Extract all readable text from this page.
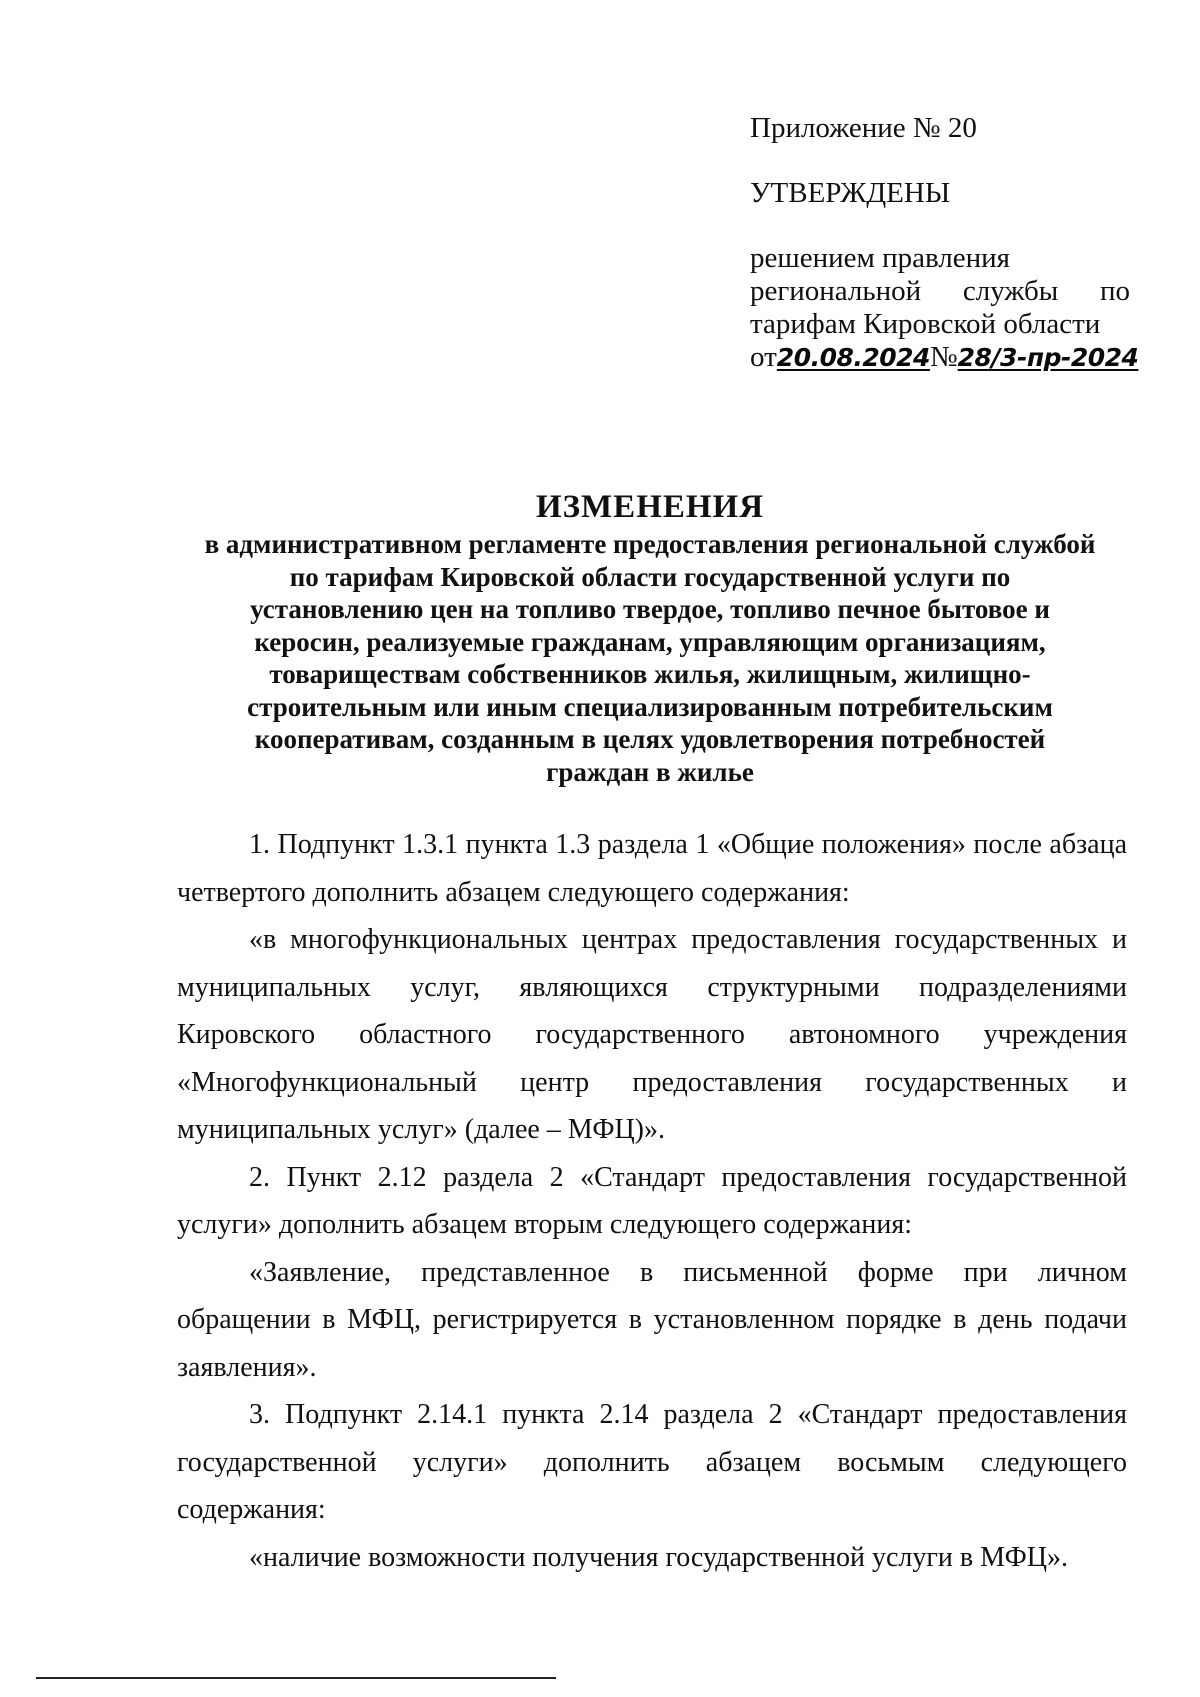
Приложение № 20
УТВЕРЖДЕНЫ
решением правления
региональной службы по
тарифам Кировской области
от20.08.2024№28/3-пр-2024
ИЗМЕНЕНИЯ
в административном регламенте предоставления региональной службой
по тарифам Кировской области государственной услуги по
установлению цен на топливо твердое, топливо печное бытовое и
керосин, реализуемые гражданам, управляющим организациям,
товариществам собственников жилья, жилищным, жилищно-
строительным или иным специализированным потребительским
кооперативам, созданным в целях удовлетворения потребностей
граждан в жилье

1. Подпункт 1.3.1 пункта 1.3 раздела 1 «Общие положения» после абзаца четвертого дополнить абзацем следующего содержания:

«в многофункциональных центрах предоставления государственных и муниципальных услуг, являющихся структурными подразделениями Кировского областного государственного автономного учреждения «Многофункциональный центр предоставления государственных и муниципальных услуг» (далее – МФЦ)».

2. Пункт 2.12 раздела 2 «Стандарт предоставления государственной услуги» дополнить абзацем вторым следующего содержания:

«Заявление, представленное в письменной форме при личном обращении в МФЦ, регистрируется в установленном порядке в день подачи заявления».

3. Подпункт 2.14.1 пункта 2.14 раздела 2 «Стандарт предоставления государственной услуги» дополнить абзацем восьмым следующего содержания:

«наличие возможности получения государственной услуги в МФЦ».
